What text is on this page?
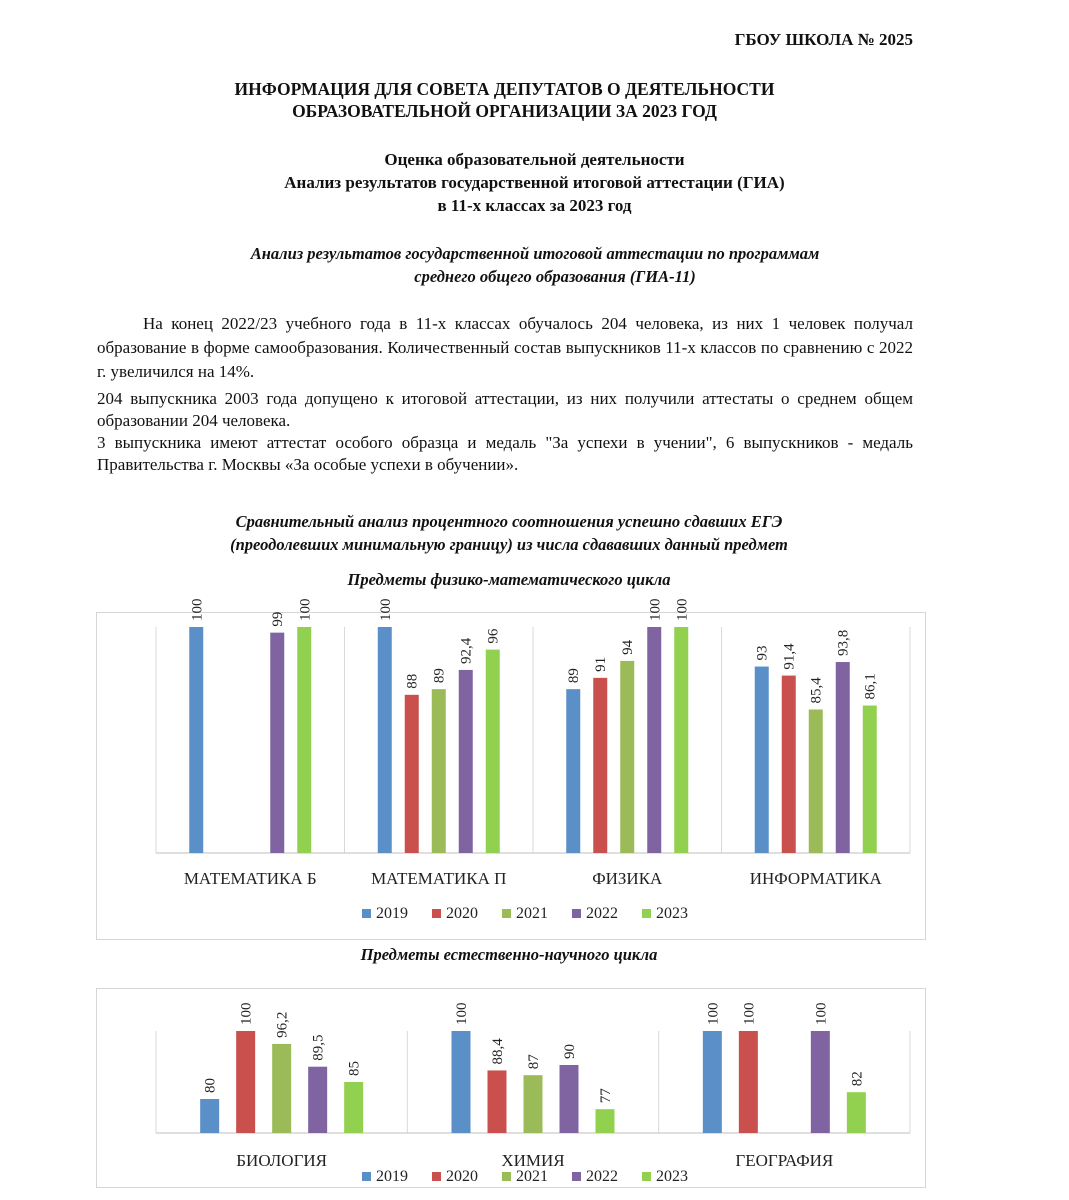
ГБОУ ШКОЛА № 2025
ИНФОРМАЦИЯ ДЛЯ СОВЕТА ДЕПУТАТОВ О ДЕЯТЕЛЬНОСТИ
ОБРАЗОВАТЕЛЬНОЙ ОРГАНИЗАЦИИ ЗА 2023 ГОД
Оценка образовательной деятельности
Анализ результатов государственной итоговой аттестации (ГИА)
в 11-х классах за 2023 год
Анализ результатов государственной итоговой аттестации по программам
среднего общего образования (ГИА-11)

На конец 2022/23 учебного года в 11-х классах обучалось 204 человека, из них 1 человек получал образование в форме самообразования. Количественный состав выпускников 11-х классов по сравнению с 2022 г. увеличился на 14%.

204 выпускника 2003 года допущено к итоговой аттестации, из них получили аттестаты о среднем общем образовании 204 человека.

3 выпускника имеют аттестат особого образца и медаль "За успехи в учении", 6 выпускников - медаль Правительства г. Москвы «За особые успехи в обучении».

Сравнительный анализ процентного соотношения успешно сдавших ЕГЭ
(преодолевших минимальную границу) из числа сдававших данный предмет
Предметы физико-математического цикла
100	99 100
МАТЕМАТИКА Б
100
88 89
92,4
96
МАТЕМАТИКА П
89
91
94
100 100
ФИЗИКА
93 91,4
85,4
93,8
86,1
ИНФОРМАТИКА
2019 2020 2021 2022 2023
Предметы естественно-научного цикла
80
100 96,2
89,5
85
БИОЛОГИЯ
100
88,4 87
90
77
ХИМИЯ
100 100	100
82
ГЕОГРАФИЯ
2019 2020 2021 2022 2023
